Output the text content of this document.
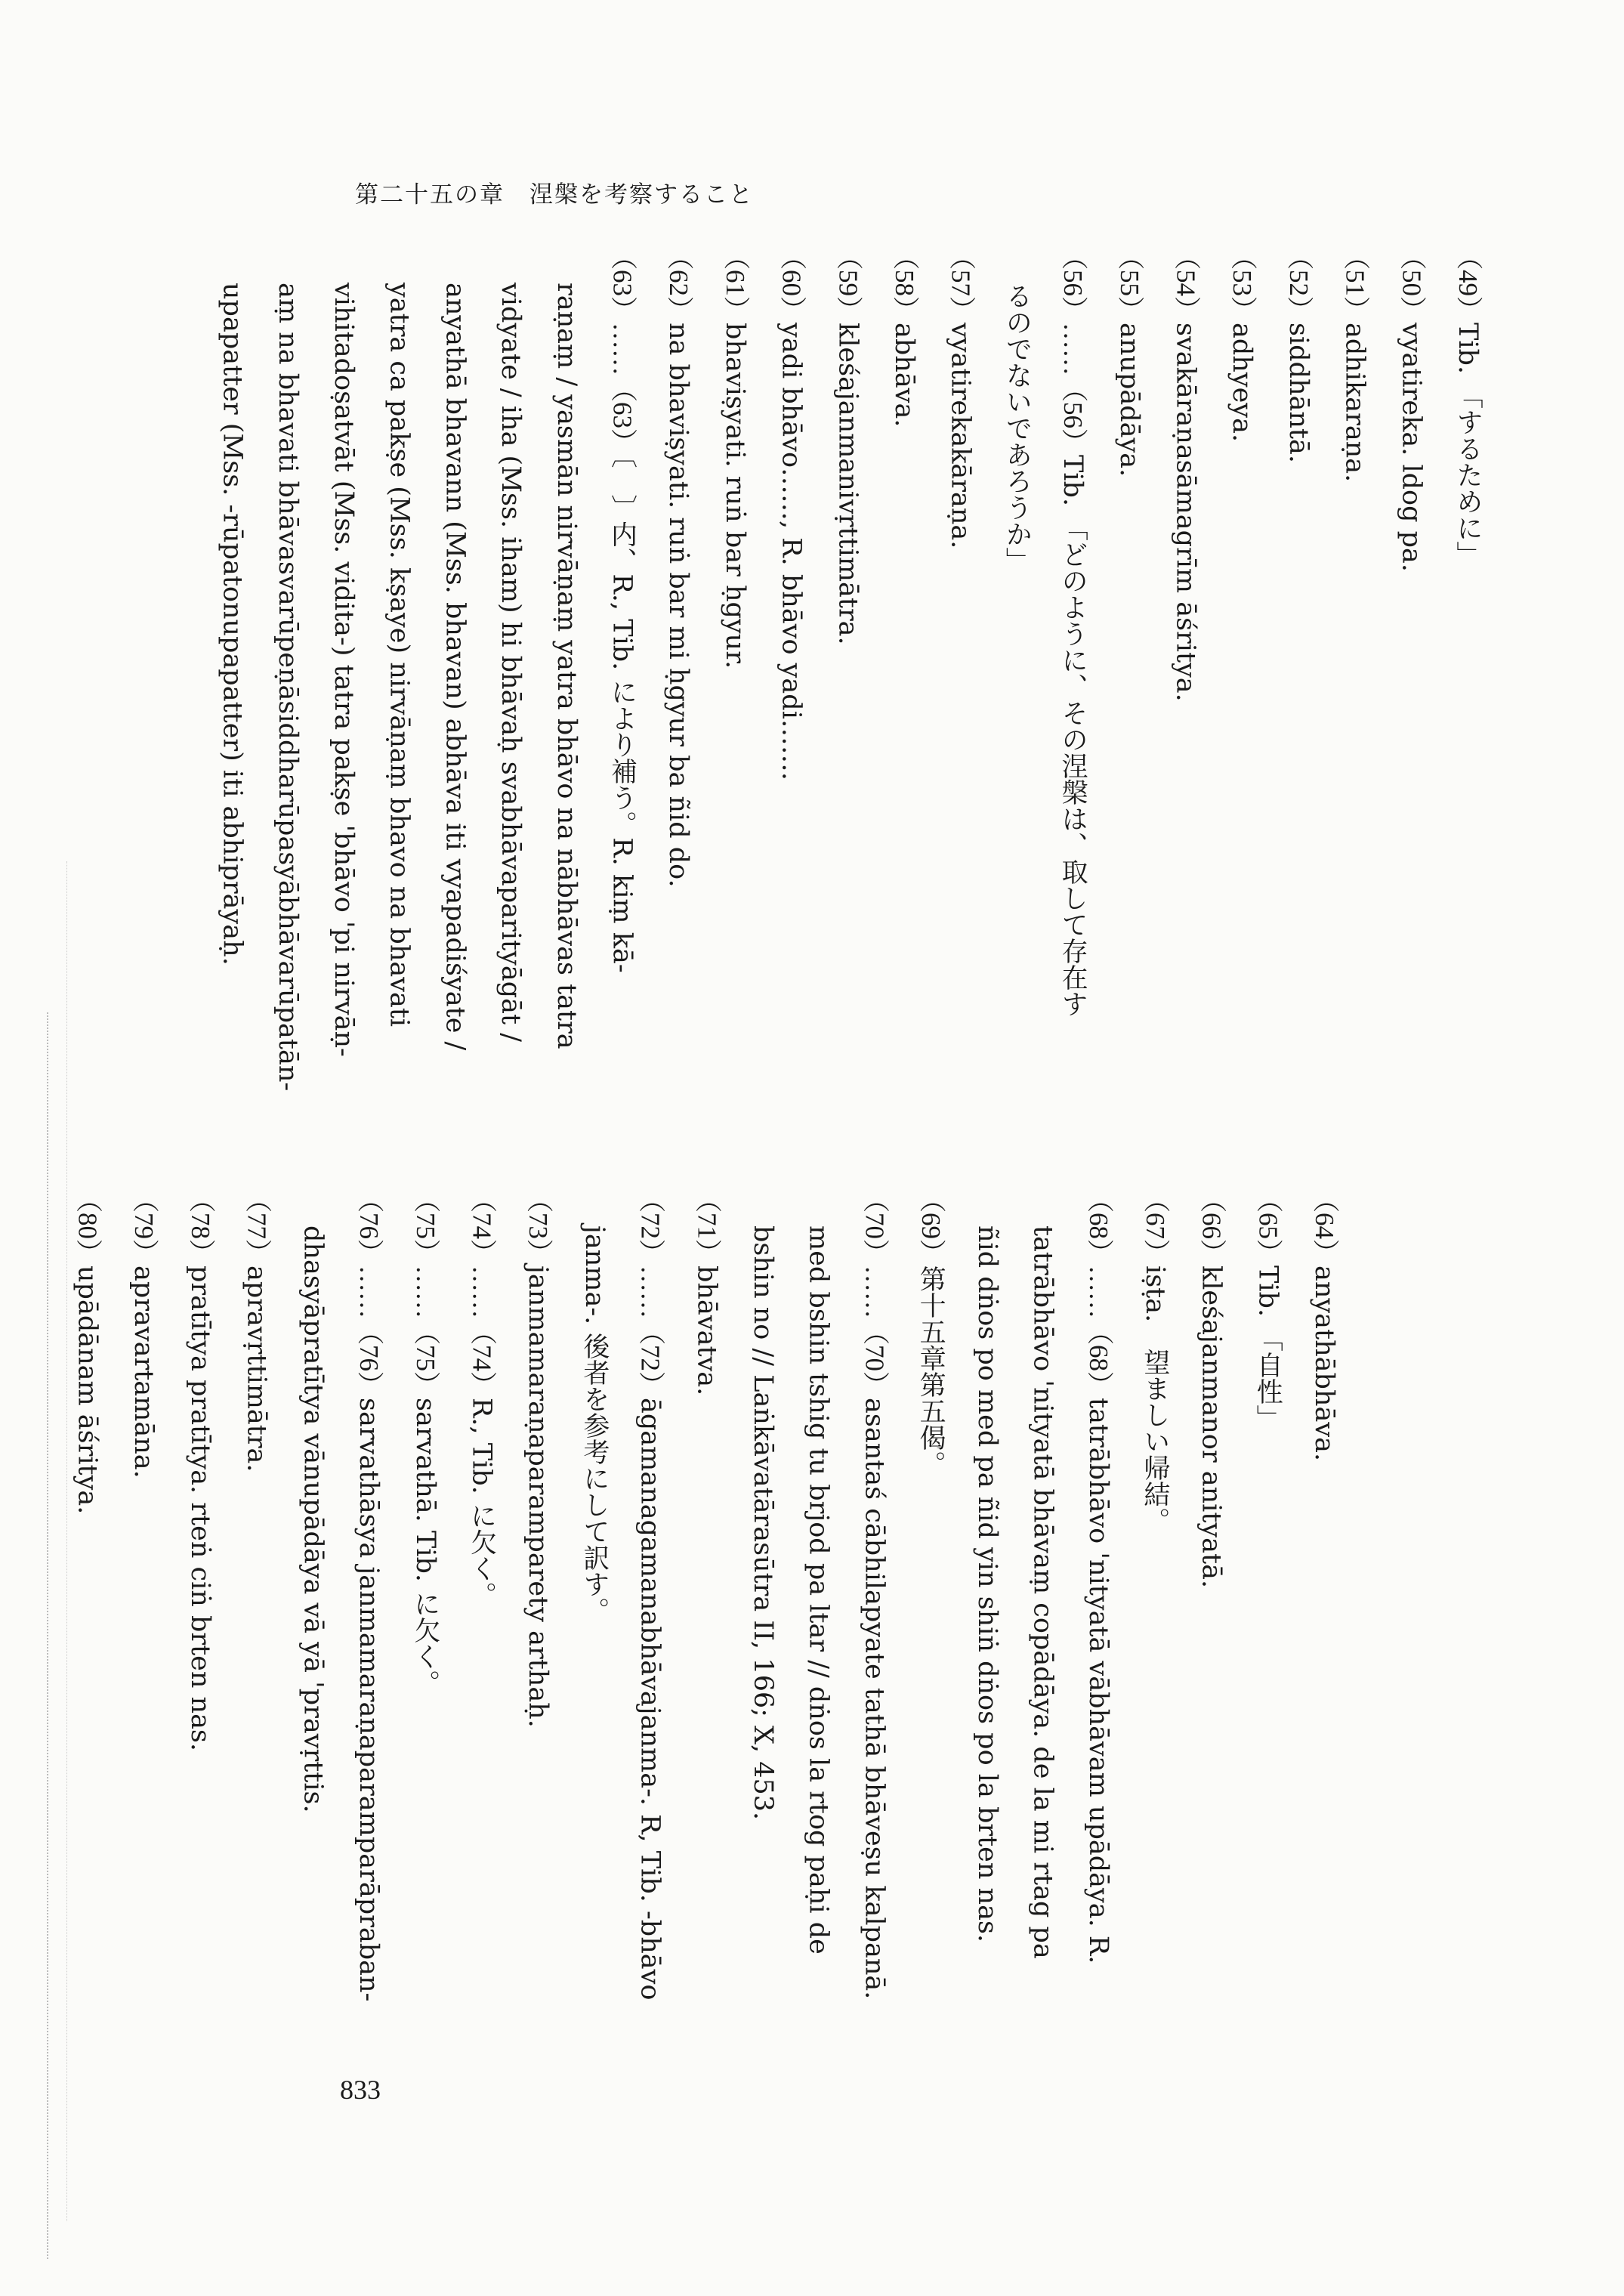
第二十五の章　涅槃を考察すること
（49）Tib. 「するために」
（50）vyatireka. ldog pa.
（51）adhikaraṇa.
（52）siddhāntā.
（53）adhyeya.
（54）svakāraṇasāmagrīm āśritya.
（55）anupādāya.
（56）……（56）Tib. 「どのように、その涅槃は、取して存在す
るのでないであろうか」
（57）vyatirekakāraṇa.
（58）abhāva.
（59）kleśajanmanivṛttimātra.
（60）yadi bhāvo……, R. bhāvo yadi…….
（61）bhaviṣyati. ruṅ bar ḥgyur.
（62）na bhaviṣyati. ruṅ bar mi ḥgyur ba ñid do.
（63）……（63）〔　〕内、R., Tib. により補う。R. kiṃ kā-
raṇaṃ / yasmān nirvāṇaṃ yatra bhāvo na nābhāvas tatra
vidyate / iha (Mss. iham) hi bhāvaḥ svabhāvaparityāgāt /
anyathā bhavann (Mss. bhavan) abhāva iti vyapadiśyate /
yatra ca pakṣe (Mss. kṣaye) nirvāṇaṃ bhavo na bhavati
vihitadoṣatvāt (Mss. vidita-) tatra pakṣe 'bhāvo 'pi nirvāṇ-
aṃ na bhavati bhāvasvarūpeṇāsiddharūpasyābhāvarūpatān-
upapatter (Mss. -rūpatonupapatter) iti abhiprāyaḥ.
（64）anyathābhāva.
（65）Tib. 「自性」
（66）kleśajanmanor anityatā.
（67）iṣṭa.　望ましい帰結。
（68）……（68）tatrābhāvo 'nityatā vābhāvam upādāya. R.
tatrābhāvo 'nityatā bhāvaṃ copādāya. de la mi rtag pa
ñid dṅos po med pa ñid yin shiṅ dṅos po la brten nas.
（69）第十五章第五偈。
（70）……（70）asantaś cābhilapyate tathā bhāveṣu kalpanā.
med bshin tshig tu brjod pa ltar // dṅos la rtog paḥi de
bshin no // Laṅkāvatārasūtra II, 166; X, 453.
（71）bhāvatva.
（72）……（72）āgamanagamanabhāvajanma-. R, Tib. -bhāvo
janma-. 後者を参考にして訳す。
（73）janmamaraṇaparamparety arthaḥ.
（74）……（74）R., Tib. に欠く。
（75）……（75）sarvathā. Tib. に欠く。
（76）……（76）sarvathāsya janmamaraṇaparamparāpraban-
dhasyāpratītya vānupādāya vā yā 'pravṛttis.
（77）apravṛttimātra.
（78）pratītya pratītya. rteṅ ciṅ brten nas.
（79）apravartamāna.
（80）upādānam āśritya.
833
